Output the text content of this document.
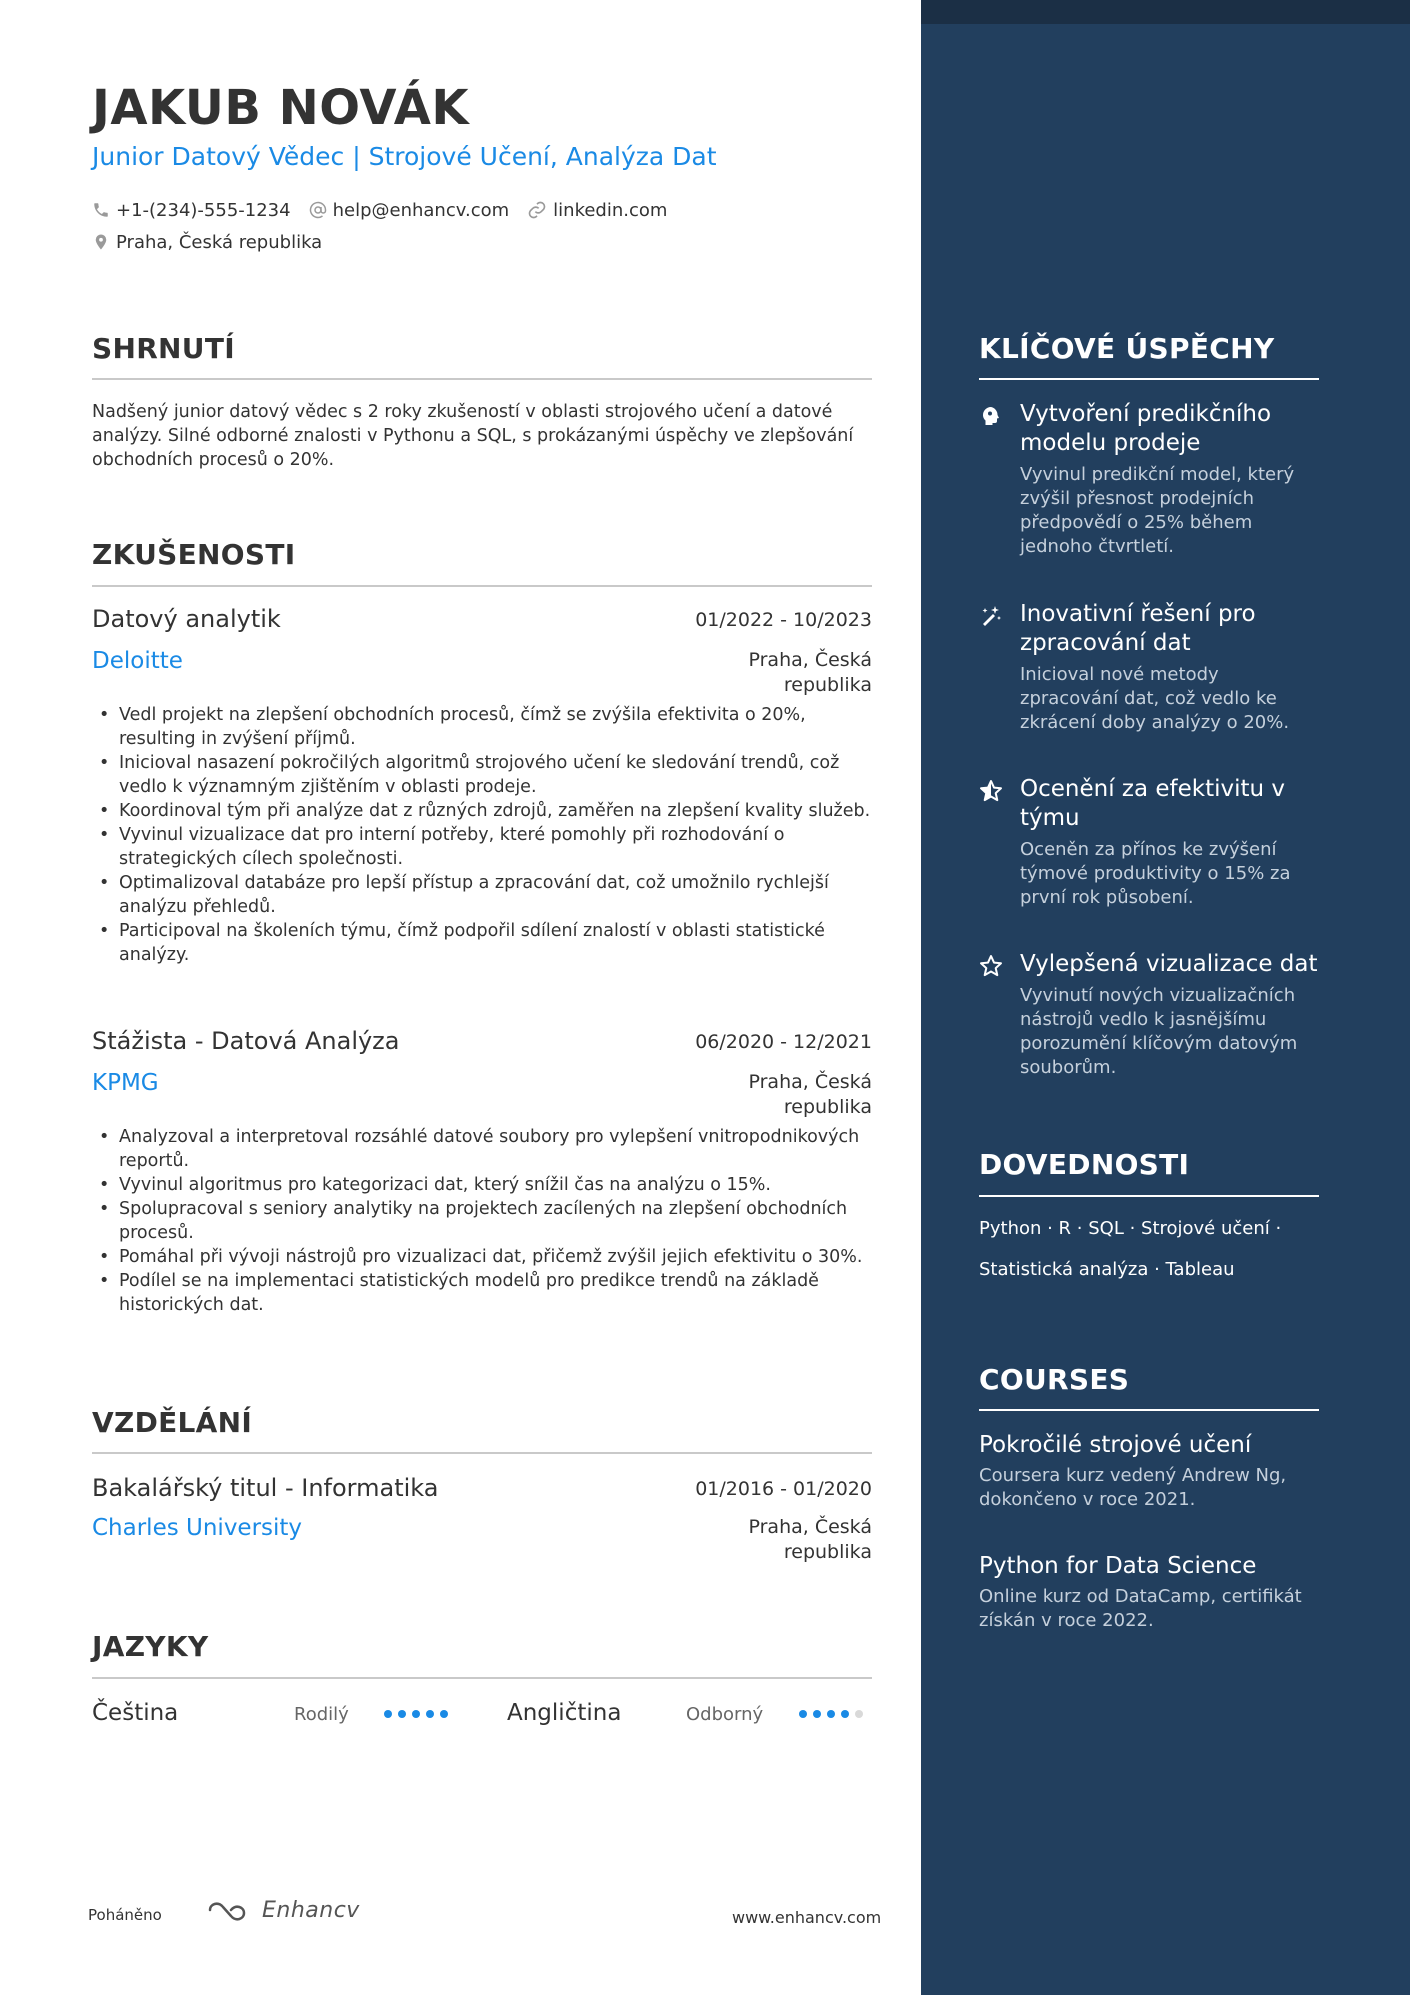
JAKUB NOVÁK
Junior Datový Vědec | Strojové Učení, Analýza Dat
+1-(234)-555-1234 help@enhancv.com linkedin.com
Praha, Česká republika
SHRNUTÍ

Nadšený junior datový vědec s 2 roky zkušeností v oblasti strojového učení a datové analýzy. Silné odborné znalosti v Pythonu a SQL, s prokázanými úspěchy ve zlepšování obchodních procesů o 20%.

ZKUŠENOSTI
Datový analytik	01/2022 - 10/2023
Deloitte	Praha, Česká republika
• Vedl projekt na zlepšení obchodních procesů, čímž se zvýšila efektivita o 20%, resulting in zvýšení příjmů.
• Inicioval nasazení pokročilých algoritmů strojového učení ke sledování trendů, což vedlo k významným zjištěním v oblasti prodeje.
• Koordinoval tým při analýze dat z různých zdrojů, zaměřen na zlepšení kvality služeb.
• Vyvinul vizualizace dat pro interní potřeby, které pomohly při rozhodování o strategických cílech společnosti.
• Optimalizoval databáze pro lepší přístup a zpracování dat, což umožnilo rychlejší analýzu přehledů.
• Participoval na školeních týmu, čímž podpořil sdílení znalostí v oblasti statistické analýzy.
Stážista - Datová Analýza	06/2020 - 12/2021
KPMG	Praha, Česká republika
• Analyzoval a interpretoval rozsáhlé datové soubory pro vylepšení vnitropodnikových reportů.
• Vyvinul algoritmus pro kategorizaci dat, který snížil čas na analýzu o 15%.
• Spolupracoval s seniory analytiky na projektech zacílených na zlepšení obchodních procesů.
• Pomáhal při vývoji nástrojů pro vizualizaci dat, přičemž zvýšil jejich efektivitu o 30%.
• Podílel se na implementaci statistických modelů pro predikce trendů na základě historických dat.
VZDĚLÁNÍ
Bakalářský titul - Informatika	01/2016 - 01/2020
Charles University	Praha, Česká republika
JAZYKY
Čeština	Rodilý	Angličtina	Odborný
Poháněno	Enhancv	www.enhancv.com
KLÍČOVÉ ÚSPĚCHY
Vytvoření predikčního modelu prodeje
Vyvinul predikční model, který zvýšil přesnost prodejních předpovědí o 25% během jednoho čtvrtletí.
Inovativní řešení pro zpracování dat
Inicioval nové metody zpracování dat, což vedlo ke zkrácení doby analýzy o 20%.
Ocenění za efektivitu v týmu
Oceněn za přínos ke zvýšení týmové produktivity o 15% za první rok působení.
Vylepšená vizualizace dat
Vyvinutí nových vizualizačních nástrojů vedlo k jasnějšímu porozumění klíčovým datovým souborům.
DOVEDNOSTI
Python · R · SQL · Strojové učení ·
Statistická analýza · Tableau
COURSES
Pokročilé strojové učení
Coursera kurz vedený Andrew Ng, dokončeno v roce 2021.
Python for Data Science
Online kurz od DataCamp, certifikát získán v roce 2022.
